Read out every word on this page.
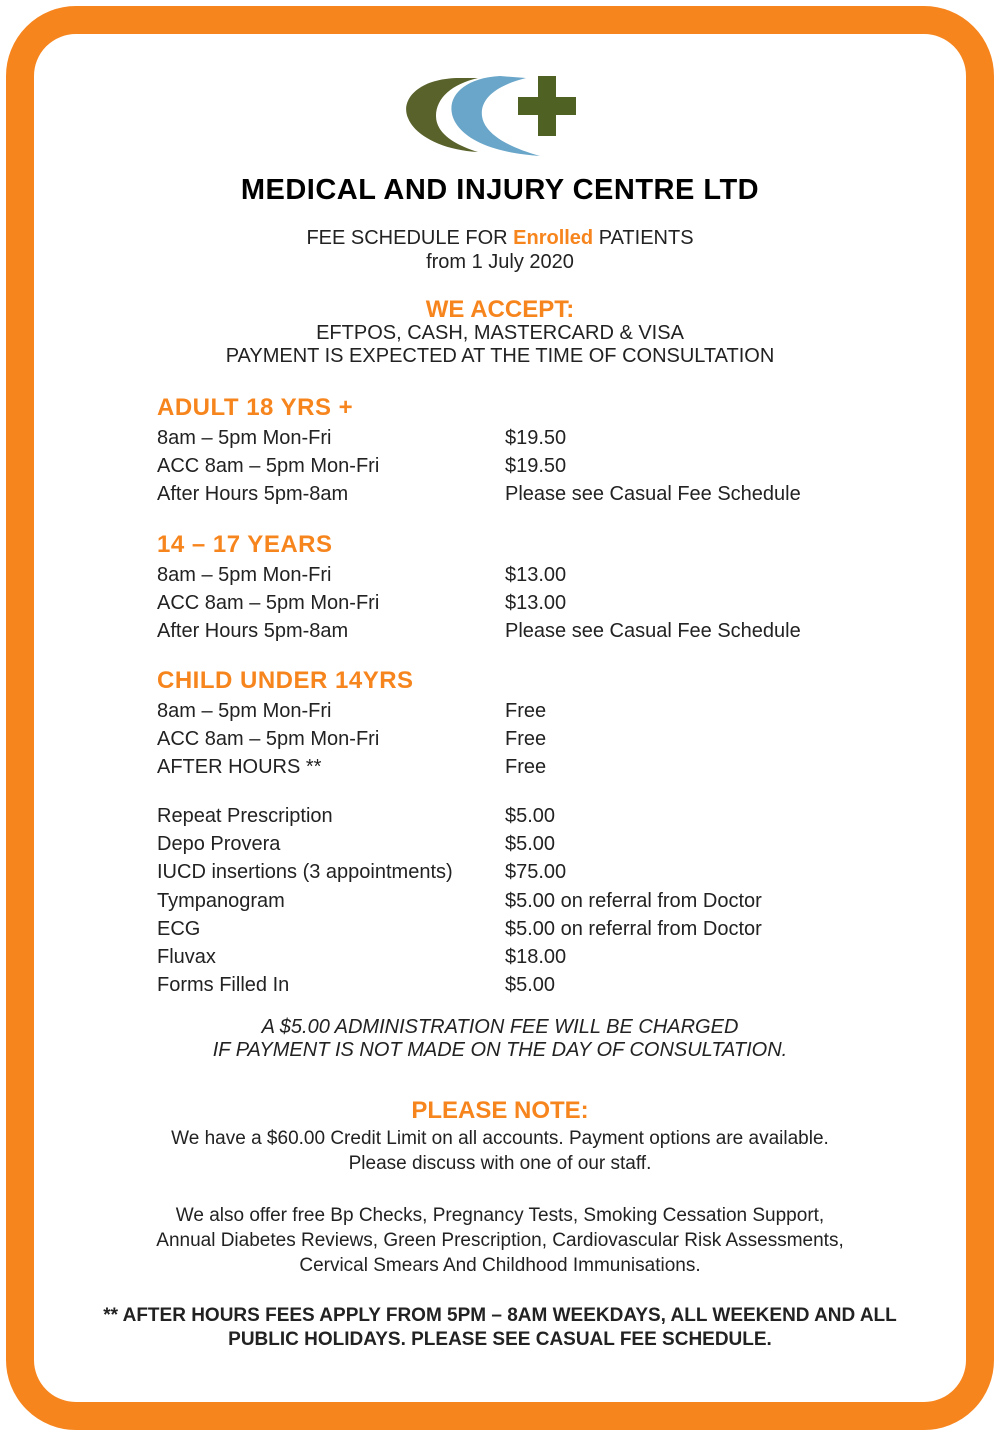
MEDICAL AND INJURY CENTRE LTD
FEE SCHEDULE FOR Enrolled PATIENTS
from 1 July 2020
WE ACCEPT:
EFTPOS, CASH, MASTERCARD & VISA
PAYMENT IS EXPECTED AT THE TIME OF CONSULTATION
ADULT 18 YRS +
8am – 5pm Mon-Fri	$19.50
ACC 8am – 5pm Mon-Fri	$19.50
After Hours 5pm-8am	Please see Casual Fee Schedule
14 – 17 YEARS
8am – 5pm Mon-Fri	$13.00
ACC 8am – 5pm Mon-Fri	$13.00
After Hours 5pm-8am	Please see Casual Fee Schedule
CHILD UNDER 14YRS
8am – 5pm Mon-Fri	Free
ACC 8am – 5pm Mon-Fri	Free
AFTER HOURS **	Free
Repeat Prescription	$5.00
Depo Provera	$5.00
IUCD insertions (3 appointments)	$75.00
Tympanogram	$5.00 on referral from Doctor
ECG	$5.00 on referral from Doctor
Fluvax	$18.00
Forms Filled In	$5.00
A $5.00 ADMINISTRATION FEE WILL BE CHARGED
IF PAYMENT IS NOT MADE ON THE DAY OF CONSULTATION.
PLEASE NOTE:
We have a $60.00 Credit Limit on all accounts. Payment options are available.
Please discuss with one of our staff.
We also offer free Bp Checks, Pregnancy Tests, Smoking Cessation Support,
Annual Diabetes Reviews, Green Prescription, Cardiovascular Risk Assessments,
Cervical Smears And Childhood Immunisations.
** AFTER HOURS FEES APPLY FROM 5PM – 8AM WEEKDAYS, ALL WEEKEND AND ALL
PUBLIC HOLIDAYS. PLEASE SEE CASUAL FEE SCHEDULE.
